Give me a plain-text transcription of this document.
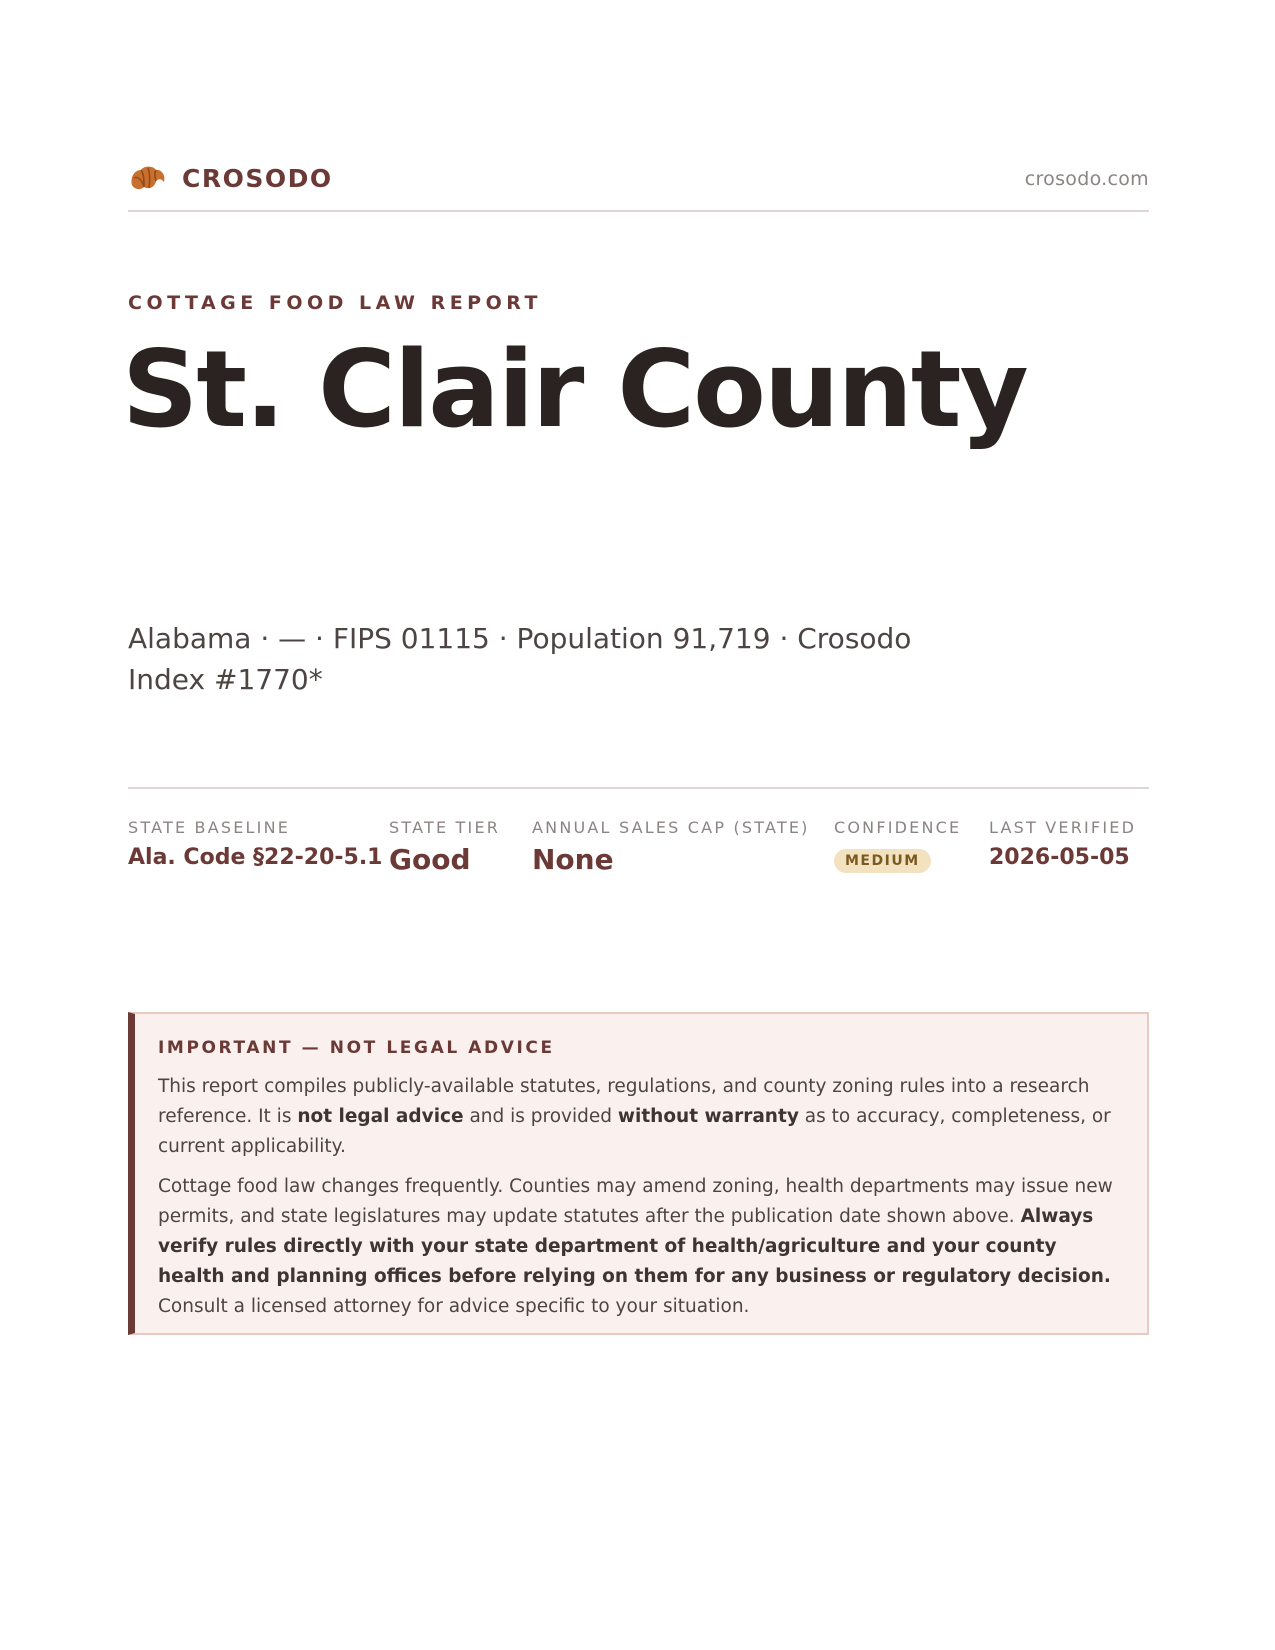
CROSODO	crosodo.com
COTTAGE FOOD LAW REPORT
St. Clair County
Alabama · — · FIPS 01115 · Population 91,719 · Crosodo Index #1770*
STATE BASELINE
Ala. Code §22-20-5.1
STATE TIER
Good
ANNUAL SALES CAP (STATE)
None
CONFIDENCE
MEDIUM
LAST VERIFIED
2026-05-05
IMPORTANT — NOT LEGAL ADVICE

This report compiles publicly-available statutes, regulations, and county zoning rules into a research reference. It is not legal advice and is provided without warranty as to accuracy, completeness, or current applicability.

Cottage food law changes frequently. Counties may amend zoning, health departments may issue new permits, and state legislatures may update statutes after the publication date shown above. Always verify rules directly with your state department of health/agriculture and your county health and planning offices before relying on them for any business or regulatory decision. Consult a licensed attorney for advice specific to your situation.
